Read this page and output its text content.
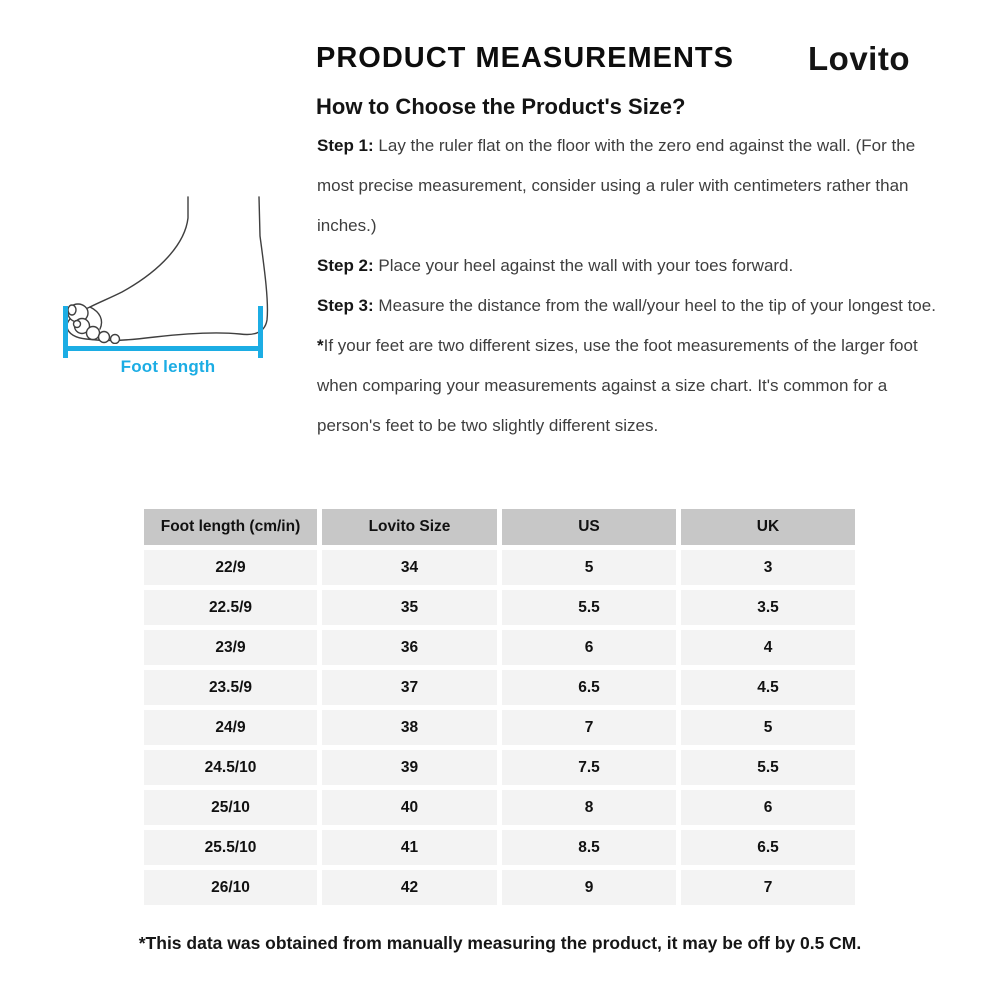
PRODUCT MEASUREMENTS Lovito
How to Choose the Product's Size?

Step 1: Lay the ruler flat on the floor with the zero end against the wall. (For the most precise measurement, consider using a ruler with centimeters rather than inches.)

Step 2: Place your heel against the wall with your toes forward.

Step 3: Measure the distance from the wall/your heel to the tip of your longest toe.

*If your feet are two different sizes, use the foot measurements of the larger foot when comparing your measurements against a size chart. It's common for a person's feet to be two slightly different sizes.

Foot length
Foot length (cm/in)	Lovito Size	US	UK
22/9	34	5	3
22.5/9	35	5.5	3.5
23/9	36	6	4
23.5/9	37	6.5	4.5
24/9	38	7	5
24.5/10	39	7.5	5.5
25/10	40	8	6
25.5/10	41	8.5	6.5
26/10	42	9	7

*This data was obtained from manually measuring the product, it may be off by 0.5 CM.
